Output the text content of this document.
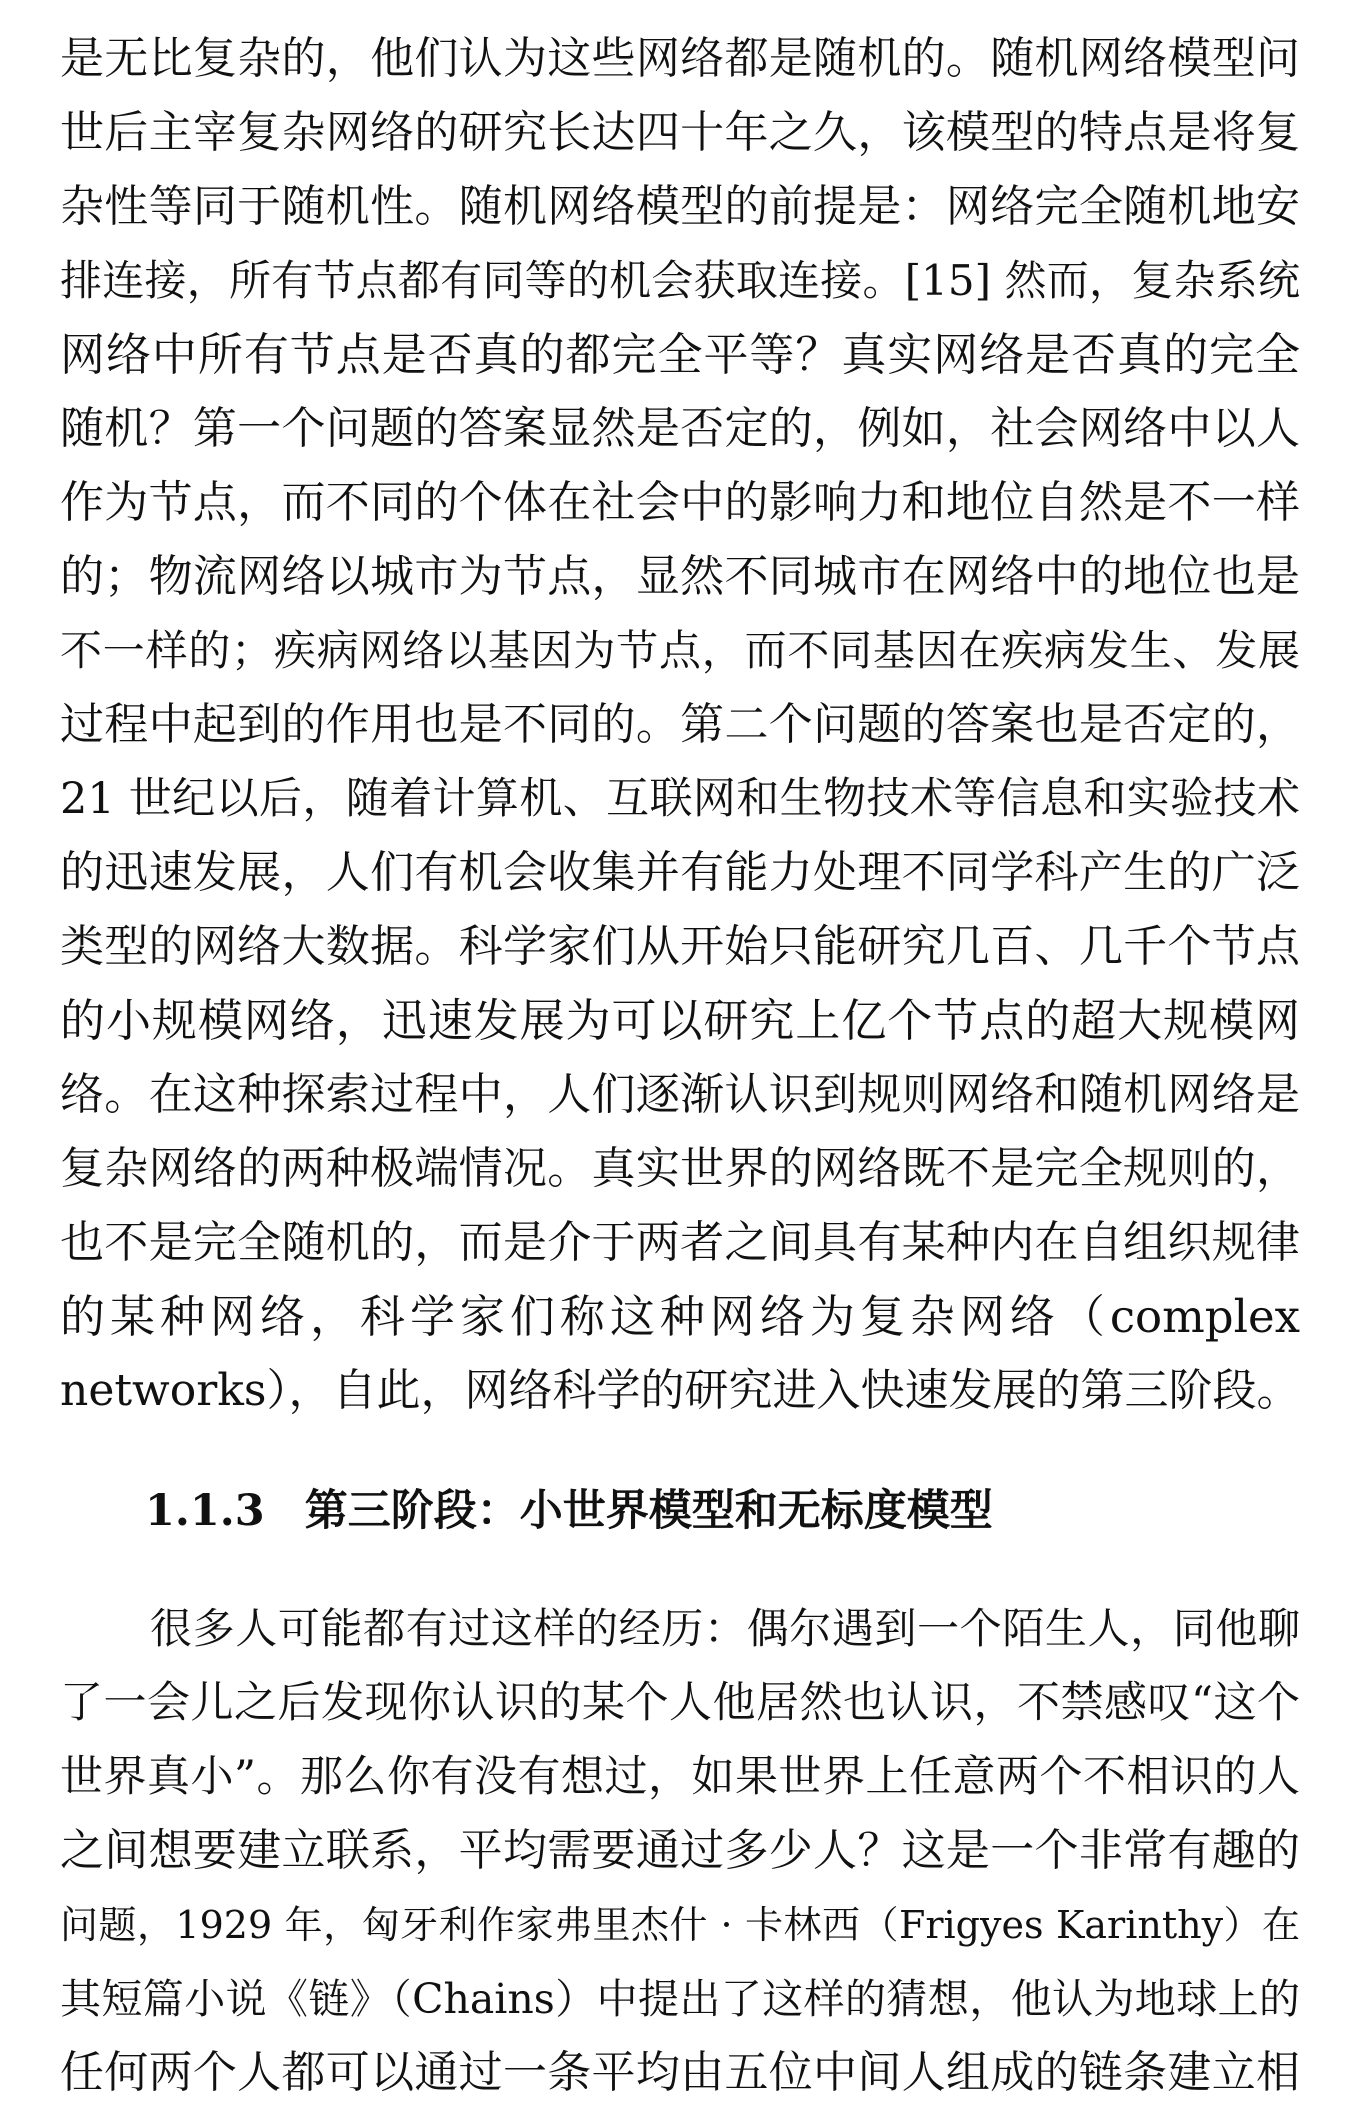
是无比复杂的，他们认为这些网络都是随机的。随机网络模型问
世后主宰复杂网络的研究长达四十年之久，该模型的特点是将复
杂性等同于随机性。随机网络模型的前提是：网络完全随机地安
排连接，所有节点都有同等的机会获取连接。[15] 然而，复杂系统
网络中所有节点是否真的都完全平等？真实网络是否真的完全
随机？第一个问题的答案显然是否定的，例如，社会网络中以人
作为节点，而不同的个体在社会中的影响力和地位自然是不一样
的；物流网络以城市为节点，显然不同城市在网络中的地位也是
不一样的；疾病网络以基因为节点，而不同基因在疾病发生、发展
过程中起到的作用也是不同的。第二个问题的答案也是否定的，
21 世纪以后，随着计算机、互联网和生物技术等信息和实验技术
的迅速发展，人们有机会收集并有能力处理不同学科产生的广泛
类型的网络大数据。科学家们从开始只能研究几百、几千个节点
的小规模网络，迅速发展为可以研究上亿个节点的超大规模网
络。在这种探索过程中，人们逐渐认识到规则网络和随机网络是
复杂网络的两种极端情况。真实世界的网络既不是完全规则的，
也不是完全随机的，而是介于两者之间具有某种内在自组织规律
的某种网络，科学家们称这种网络为复杂网络（complex
networks），自此，网络科学的研究进入快速发展的第三阶段。
1.1.3 第三阶段：小世界模型和无标度模型
很多人可能都有过这样的经历：偶尔遇到一个陌生人，同他聊
了一会儿之后发现你认识的某个人他居然也认识，不禁感叹“这个
世界真小”。那么你有没有想过，如果世界上任意两个不相识的人
之间想要建立联系，平均需要通过多少人？这是一个非常有趣的
问题，1929 年，匈牙利作家弗里杰什 · 卡林西（Frigyes Karinthy）在
其短篇小说《链》（Chains）中提出了这样的猜想，他认为地球上的
任何两个人都可以通过一条平均由五位中间人组成的链条建立相
